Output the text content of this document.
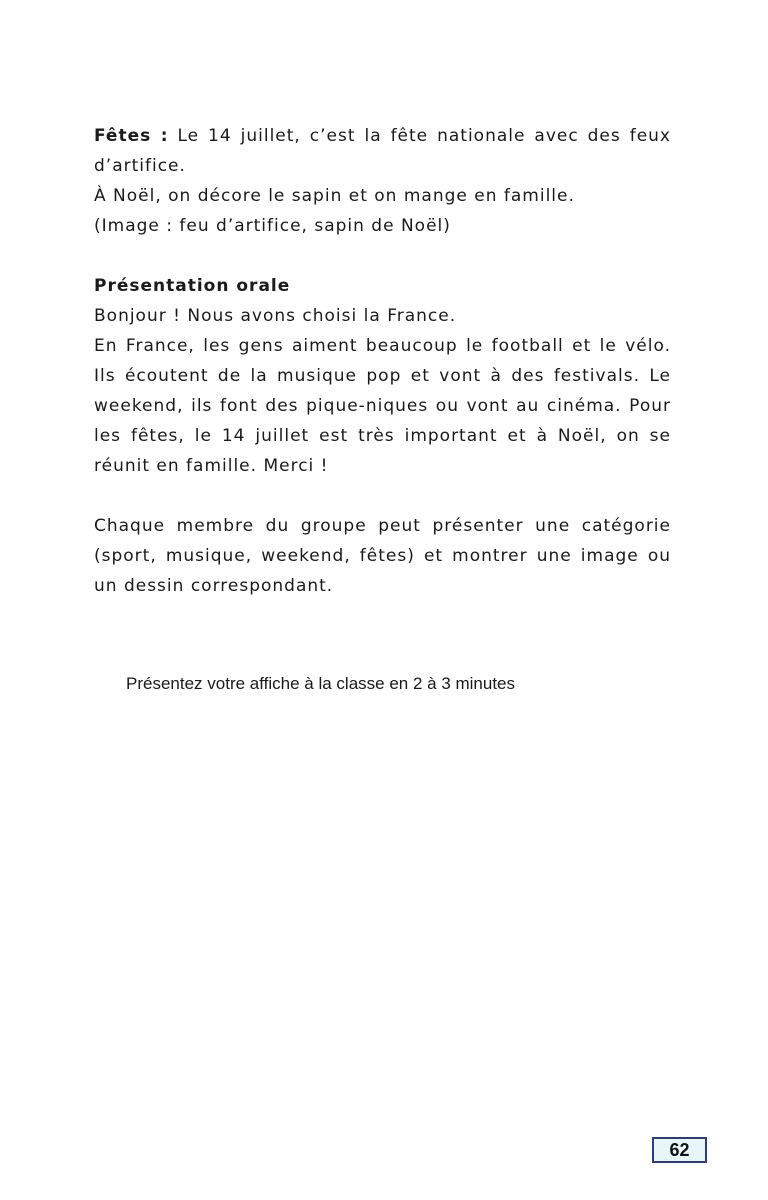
Fêtes : Le 14 juillet, c’est la fête nationale avec des feux d’artifice.

À Noël, on décore le sapin et on mange en famille.

(Image : feu d’artifice, sapin de Noël)

Présentation orale

Bonjour ! Nous avons choisi la France.

En France, les gens aiment beaucoup le football et le vélo. Ils écoutent de la musique pop et vont à des festivals. Le weekend, ils font des pique-niques ou vont au cinéma. Pour les fêtes, le 14 juillet est très important et à Noël, on se réunit en famille. Merci !

Chaque membre du groupe peut présenter une catégorie (sport, musique, weekend, fêtes) et montrer une image ou un dessin correspondant.

Présentez votre affiche à la classe en 2 à 3 minutes
62
